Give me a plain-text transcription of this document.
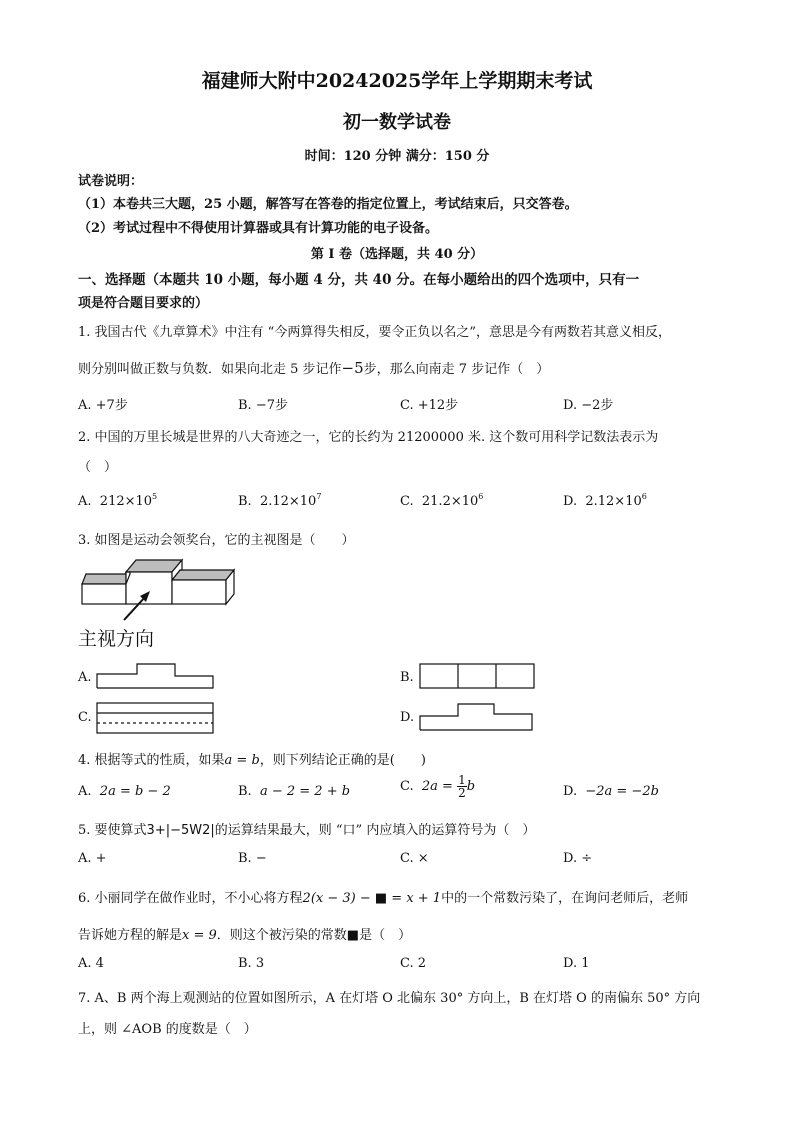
福建师大附中20242025学年上学期期末考试
初一数学试卷
时间：120 分钟 满分：150 分
试卷说明：
（1）本卷共三大题，25 小题，解答写在答卷的指定位置上，考试结束后，只交答卷。
（2）考试过程中不得使用计算器或具有计算功能的电子设备。
第 I 卷（选择题，共 40 分）
一、选择题（本题共 10 小题，每小题 4 分，共 40 分。在每小题给出的四个选项中，只有一
项是符合题目要求的）
1. 我国古代《九章算术》中注有 “今两算得失相反，要令正负以名之”，意思是今有两数若其意义相反，
则分别叫做正数与负数．如果向北走 5 步记作−5步，那么向南走 7 步记作（　）
A. +7步	B. −7步	C. +12步	D. −2步
2. 中国的万里长城是世界的八大奇迹之一，它的长约为 21200000 米. 这个数可用科学记数法表示为
（　）
A. $212\times 10^5$	B. $2.12\times 10^7$	C. $21.2\times 10^6$	D. $2.12\times 10^6$
3. 如图是运动会领奖台，它的主视图是（　　）
主视方向
A.	B.
C.	D.
4. 根据等式的性质，如果a = b，则下列结论正确的是(　　)
A. 2a = b − 2	B. a − 2 = 2 + b	C. $2a = \frac{1}{2}$ b	D. −2a = −2b
5. 要使算式3+|−5W2|的运算结果最大，则 “口” 内应填入的运算符号为（　）
A. +	B. −	C. ×	D. ÷
6. 小丽同学在做作业时，不小心将方程2(x − 3) − ■ = x + 1中的一个常数污染了，在询问老师后，老师
告诉她方程的解是x = 9．则这个被污染的常数■是（　）
A. 4	B. 3	C. 2	D. 1
7. A、B 两个海上观测站的位置如图所示，A 在灯塔 O 北偏东 30° 方向上，B 在灯塔 O 的南偏东 50° 方向
上，则 ∠AOB 的度数是（　）
